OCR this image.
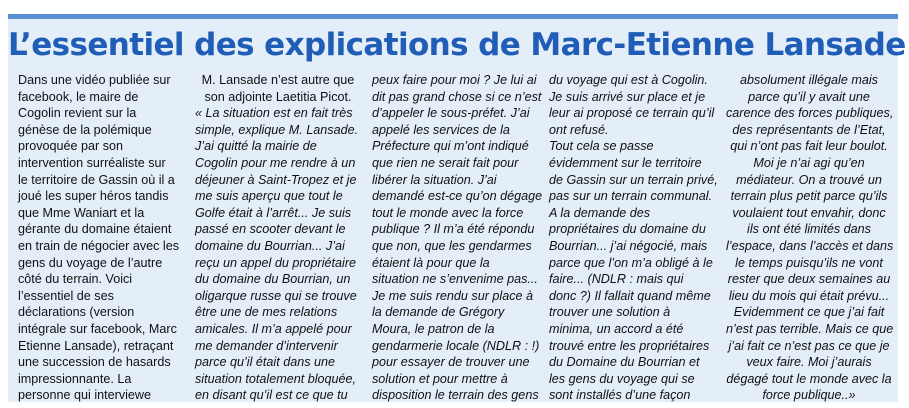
L’essentiel des explications de Marc-Etienne Lansade
Dans une vidéo publiée sur
facebook, le maire de
Cogolin revient sur la
génèse de la polémique
provoquée par son
intervention surréaliste sur
le territoire de Gassin où il a
joué les super héros tandis
que Mme Waniart et la
gérante du domaine étaient
en train de négocier avec les
gens du voyage de l’autre
côté du terrain. Voici
l’essentiel de ses
déclarations (version
intégrale sur facebook, Marc
Etienne Lansade), retraçant
une succession de hasards
impressionnante. La
personne qui interviewe
M. Lansade n’est autre que
son adjointe Laetitia Picot.
« La situation est en fait très
simple, explique M. Lansade.
J’ai quitté la mairie de
Cogolin pour me rendre à un
déjeuner à Saint-Tropez et je
me suis aperçu que tout le
Golfe était à l’arrêt... Je suis
passé en scooter devant le
domaine du Bourrian... J’ai
reçu un appel du propriétaire
du domaine du Bourrian, un
oligarque russe qui se trouve
être une de mes relations
amicales. Il m’a appelé pour
me demander d’intervenir
parce qu’il était dans une
situation totalement bloquée,
en disant qu’il est ce que tu
peux faire pour moi ? Je lui ai
dit pas grand chose si ce n’est
d’appeler le sous-préfet. J’ai
appelé les services de la
Préfecture qui m’ont indiqué
que rien ne serait fait pour
libérer la situation. J’ai
demandé est-ce qu’on dégage
tout le monde avec la force
publique ? Il m’a été répondu
que non, que les gendarmes
étaient là pour que la
situation ne s’envenime pas...
Je me suis rendu sur place à
la demande de Grégory
Moura, le patron de la
gendarmerie locale (NDLR : !)
pour essayer de trouver une
solution et pour mettre à
disposition le terrain des gens
du voyage qui est à Cogolin.
Je suis arrivé sur place et je
leur ai proposé ce terrain qu’il
ont refusé.
Tout cela se passe
évidemment sur le territoire
de Gassin sur un terrain privé,
pas sur un terrain communal.
A la demande des
propriétaires du domaine du
Bourrian... j’ai négocié, mais
parce que l’on m’a obligé à le
faire... (NDLR : mais qui
donc ?) Il fallait quand même
trouver une solution à
minima, un accord a été
trouvé entre les propriétaires
du Domaine du Bourrian et
les gens du voyage qui se
sont installés d’une façon
absolument illégale mais
parce qu’il y avait une
carence des forces publiques,
des représentants de l’Etat,
qui n’ont pas fait leur boulot.
Moi je n’ai agi qu’en
médiateur. On a trouvé un
terrain plus petit parce qu’ils
voulaient tout envahir, donc
ils ont été limités dans
l’espace, dans l’accès et dans
le temps puisqu’ils ne vont
rester que deux semaines au
lieu du mois qui était prévu...
Evidemment ce que j’ai fait
n’est pas terrible. Mais ce que
j’ai fait ce n’est pas ce que je
veux faire. Moi j’aurais
dégagé tout le monde avec la
force publique..»
